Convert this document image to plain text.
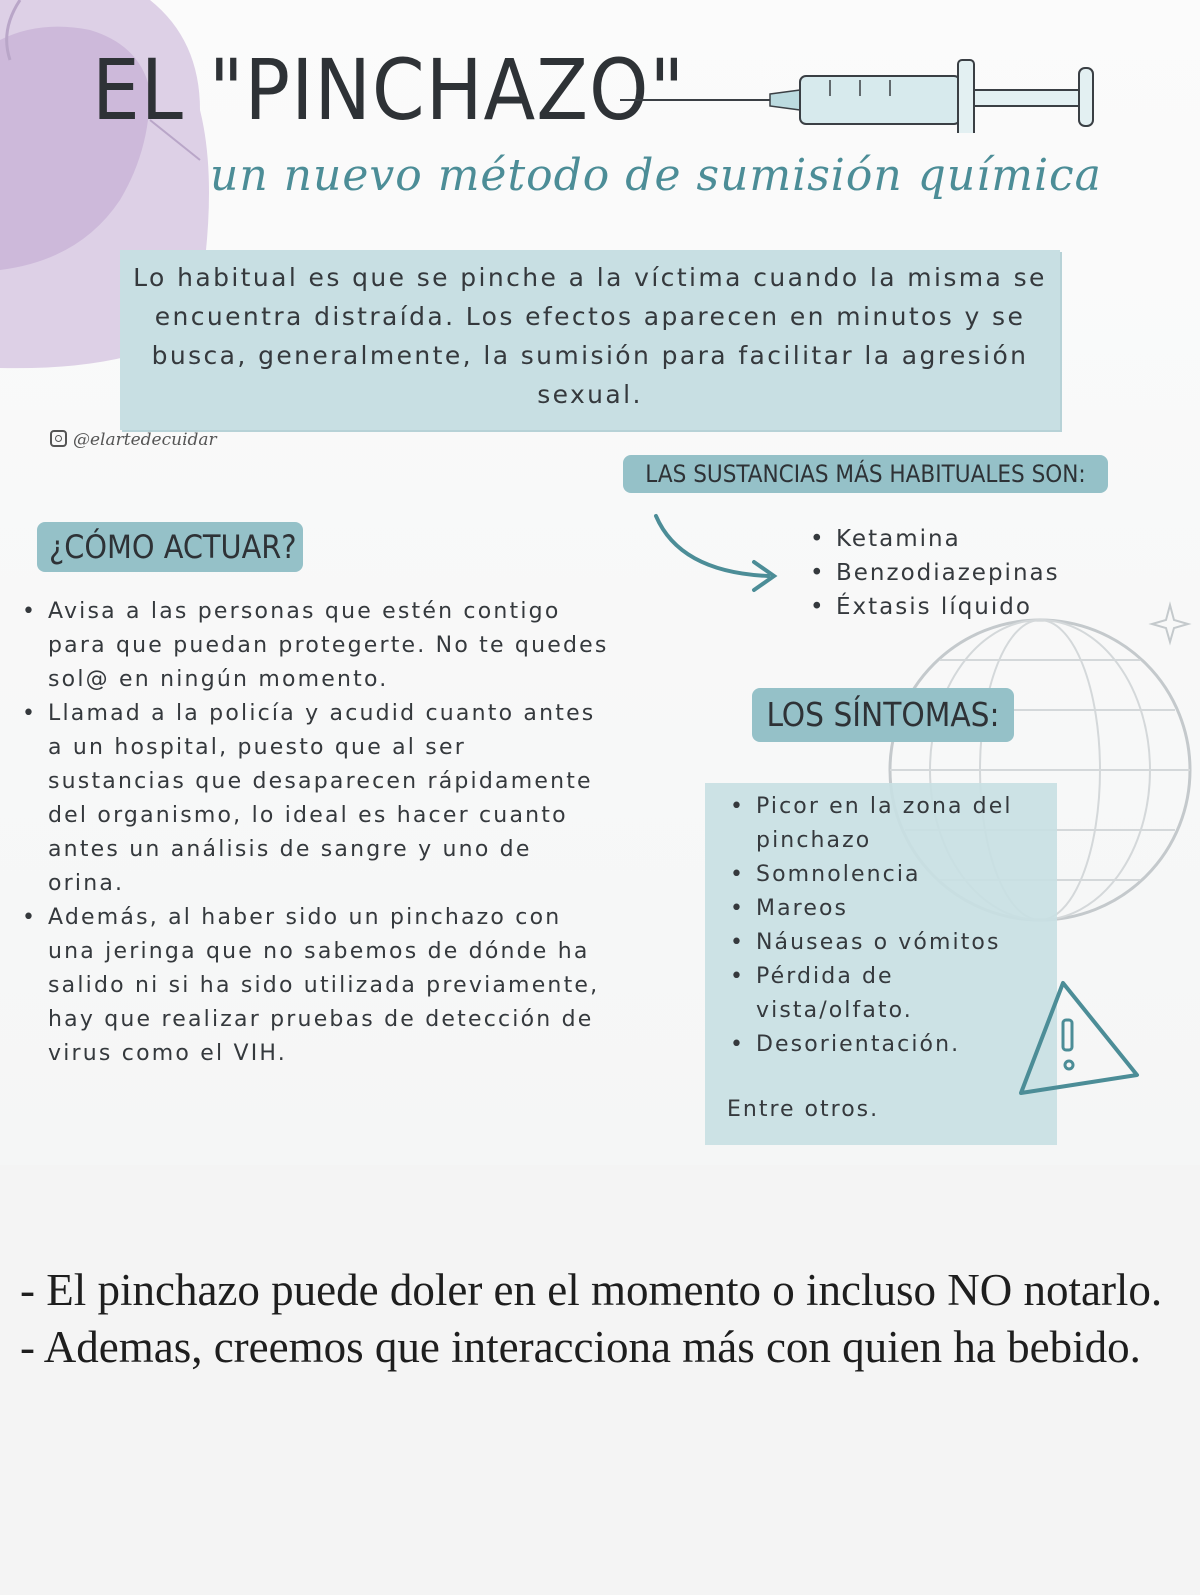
EL "PINCHAZO"
un nuevo método de sumisión química

Lo habitual es que se pinche a la víctima cuando la misma se encuentra distraída. Los efectos aparecen en minutos y se busca, generalmente, la sumisión para facilitar la agresión sexual.

@elartedecuidar
LAS SUSTANCIAS MÁS HABITUALES SON:
• Ketamina
• Benzodiazepinas
• Éxtasis líquido
¿CÓMO ACTUAR?
• Avisa a las personas que estén contigo para que puedan protegerte. No te quedes sol@ en ningún momento.
• Llamad a la policía y acudid cuanto antes a un hospital, puesto que al ser sustancias que desaparecen rápidamente del organismo, lo ideal es hacer cuanto antes un análisis de sangre y uno de orina.
• Además, al haber sido un pinchazo con una jeringa que no sabemos de dónde ha salido ni si ha sido utilizada previamente, hay que realizar pruebas de detección de virus como el VIH.
LOS SÍNTOMAS:
• Picor en la zona del pinchazo
• Somnolencia
• Mareos
• Náuseas o vómitos
• Pérdida de vista/olfato.
• Desorientación.
Entre otros.

- El pinchazo puede doler en el momento o incluso NO notarlo.

- Ademas, creemos que interacciona más con quien ha bebido.
